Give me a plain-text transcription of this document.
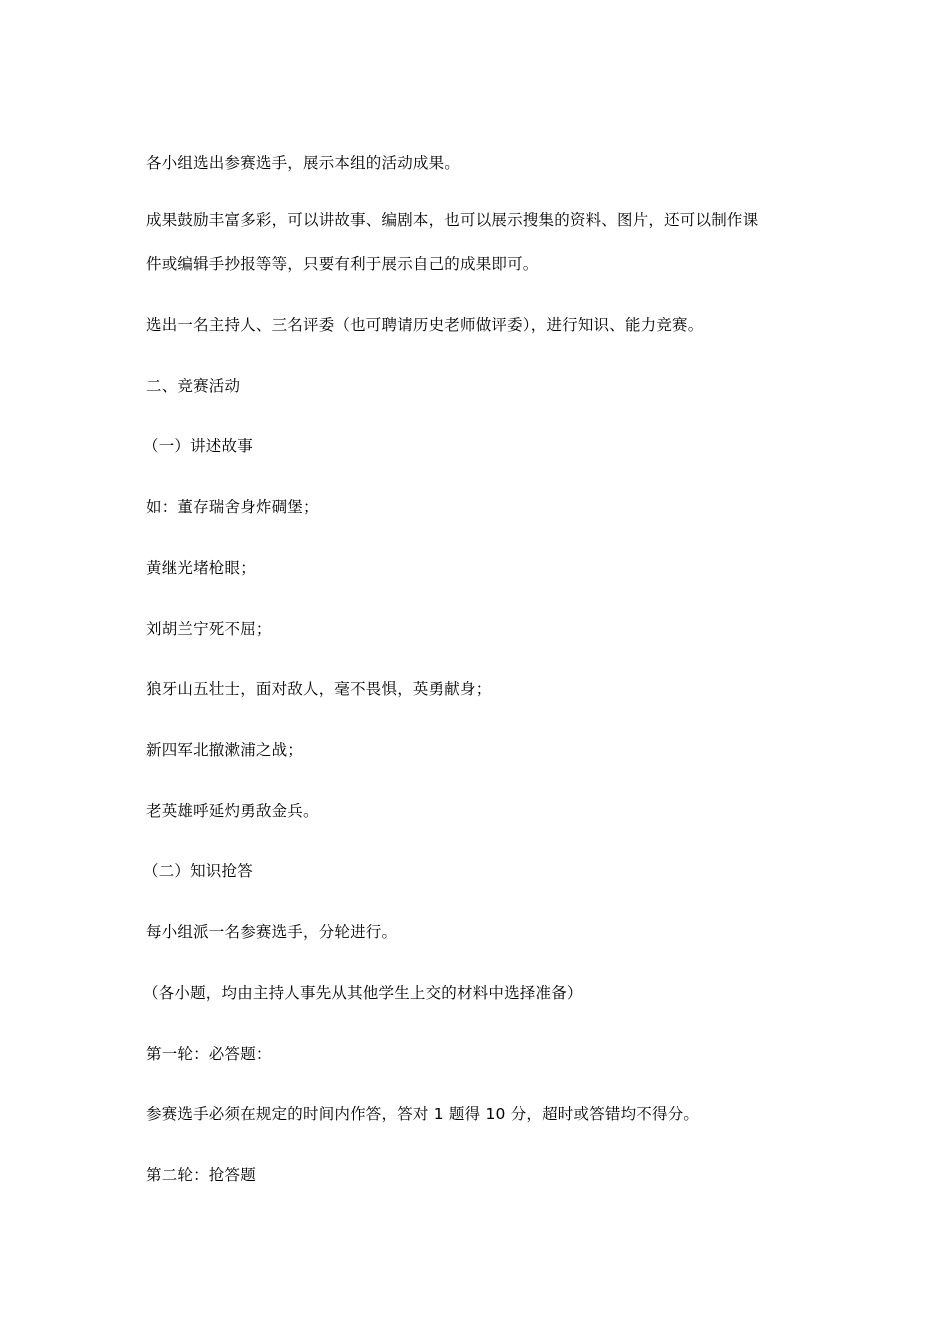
各小组选出参赛选手，展示本组的活动成果。
成果鼓励丰富多彩，可以讲故事、编剧本，也可以展示搜集的资料、图片，还可以制作课
件或编辑手抄报等等，只要有利于展示自己的成果即可。
选出一名主持人、三名评委（也可聘请历史老师做评委），进行知识、能力竞赛。
二、竞赛活动
（一）讲述故事
如：董存瑞舍身炸碉堡；
黄继光堵枪眼；
刘胡兰宁死不屈；
狼牙山五壮士，面对敌人，毫不畏惧，英勇献身；
新四军北撤漱浦之战；
老英雄呼延灼勇敌金兵。
（二）知识抢答
每小组派一名参赛选手，分轮进行。
（各小题，均由主持人事先从其他学生上交的材料中选择准备）
第一轮：必答题：
参赛选手必须在规定的时间内作答，答对 1 题得 10 分，超时或答错均不得分。
第二轮：抢答题
